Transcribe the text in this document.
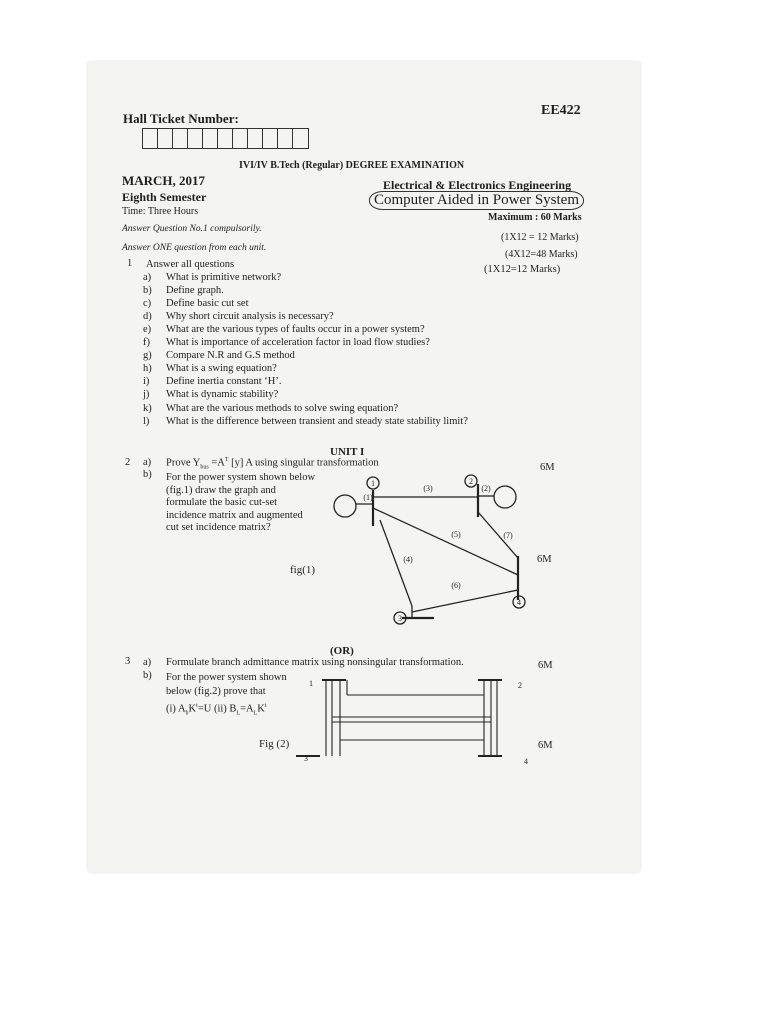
Hall Ticket Number:
EE422
IVI/IV B.Tech (Regular) DEGREE EXAMINATION
MARCH, 2017
Eighth Semester
Time: Three Hours
Electrical & Electronics Engineering
Computer Aided in Power System
Maximum : 60 Marks
Answer Question No.1 compulsorily.
Answer ONE question from each unit.
(1X12 = 12 Marks)
(4X12=48 Marks)
(1X12=12 Marks)
1 Answer all questions
a) What is primitive network?
b) Define graph.
c) Define basic cut set
d) Why short circuit analysis is necessary?
e) What are the various types of faults occur in a power system?
f) What is importance of acceleration factor in load flow studies?
g) Compare N.R and G.S method
h) What is a swing equation?
i) Define inertia constant ‘H’.
j) What is dynamic stability?
k) What are the various methods to solve swing equation?
l) What is the difference between transient and steady state stability limit?
UNIT I
2 a) Prove $Y_{bus} =A^T$ [y] A using singular transformation	6M
b) For the power system shown below
(fig.1) draw the graph and
formulate the basic cut-set
incidence matrix and augmented
cut set incidence matrix?
6M
fig(1)
1	2
3
4
(1)
(2)
(3)
(4)
(5)
(6)
(7)
(OR)
3 a) Formulate branch admittance matrix using nonsingular transformation.	6M
b) For the power system shown
below (fig.2) prove that
(i) $A_bK^t=U$ (ii) $B_L=A_LK^t$
6M
Fig (2)
1	2
3	4
